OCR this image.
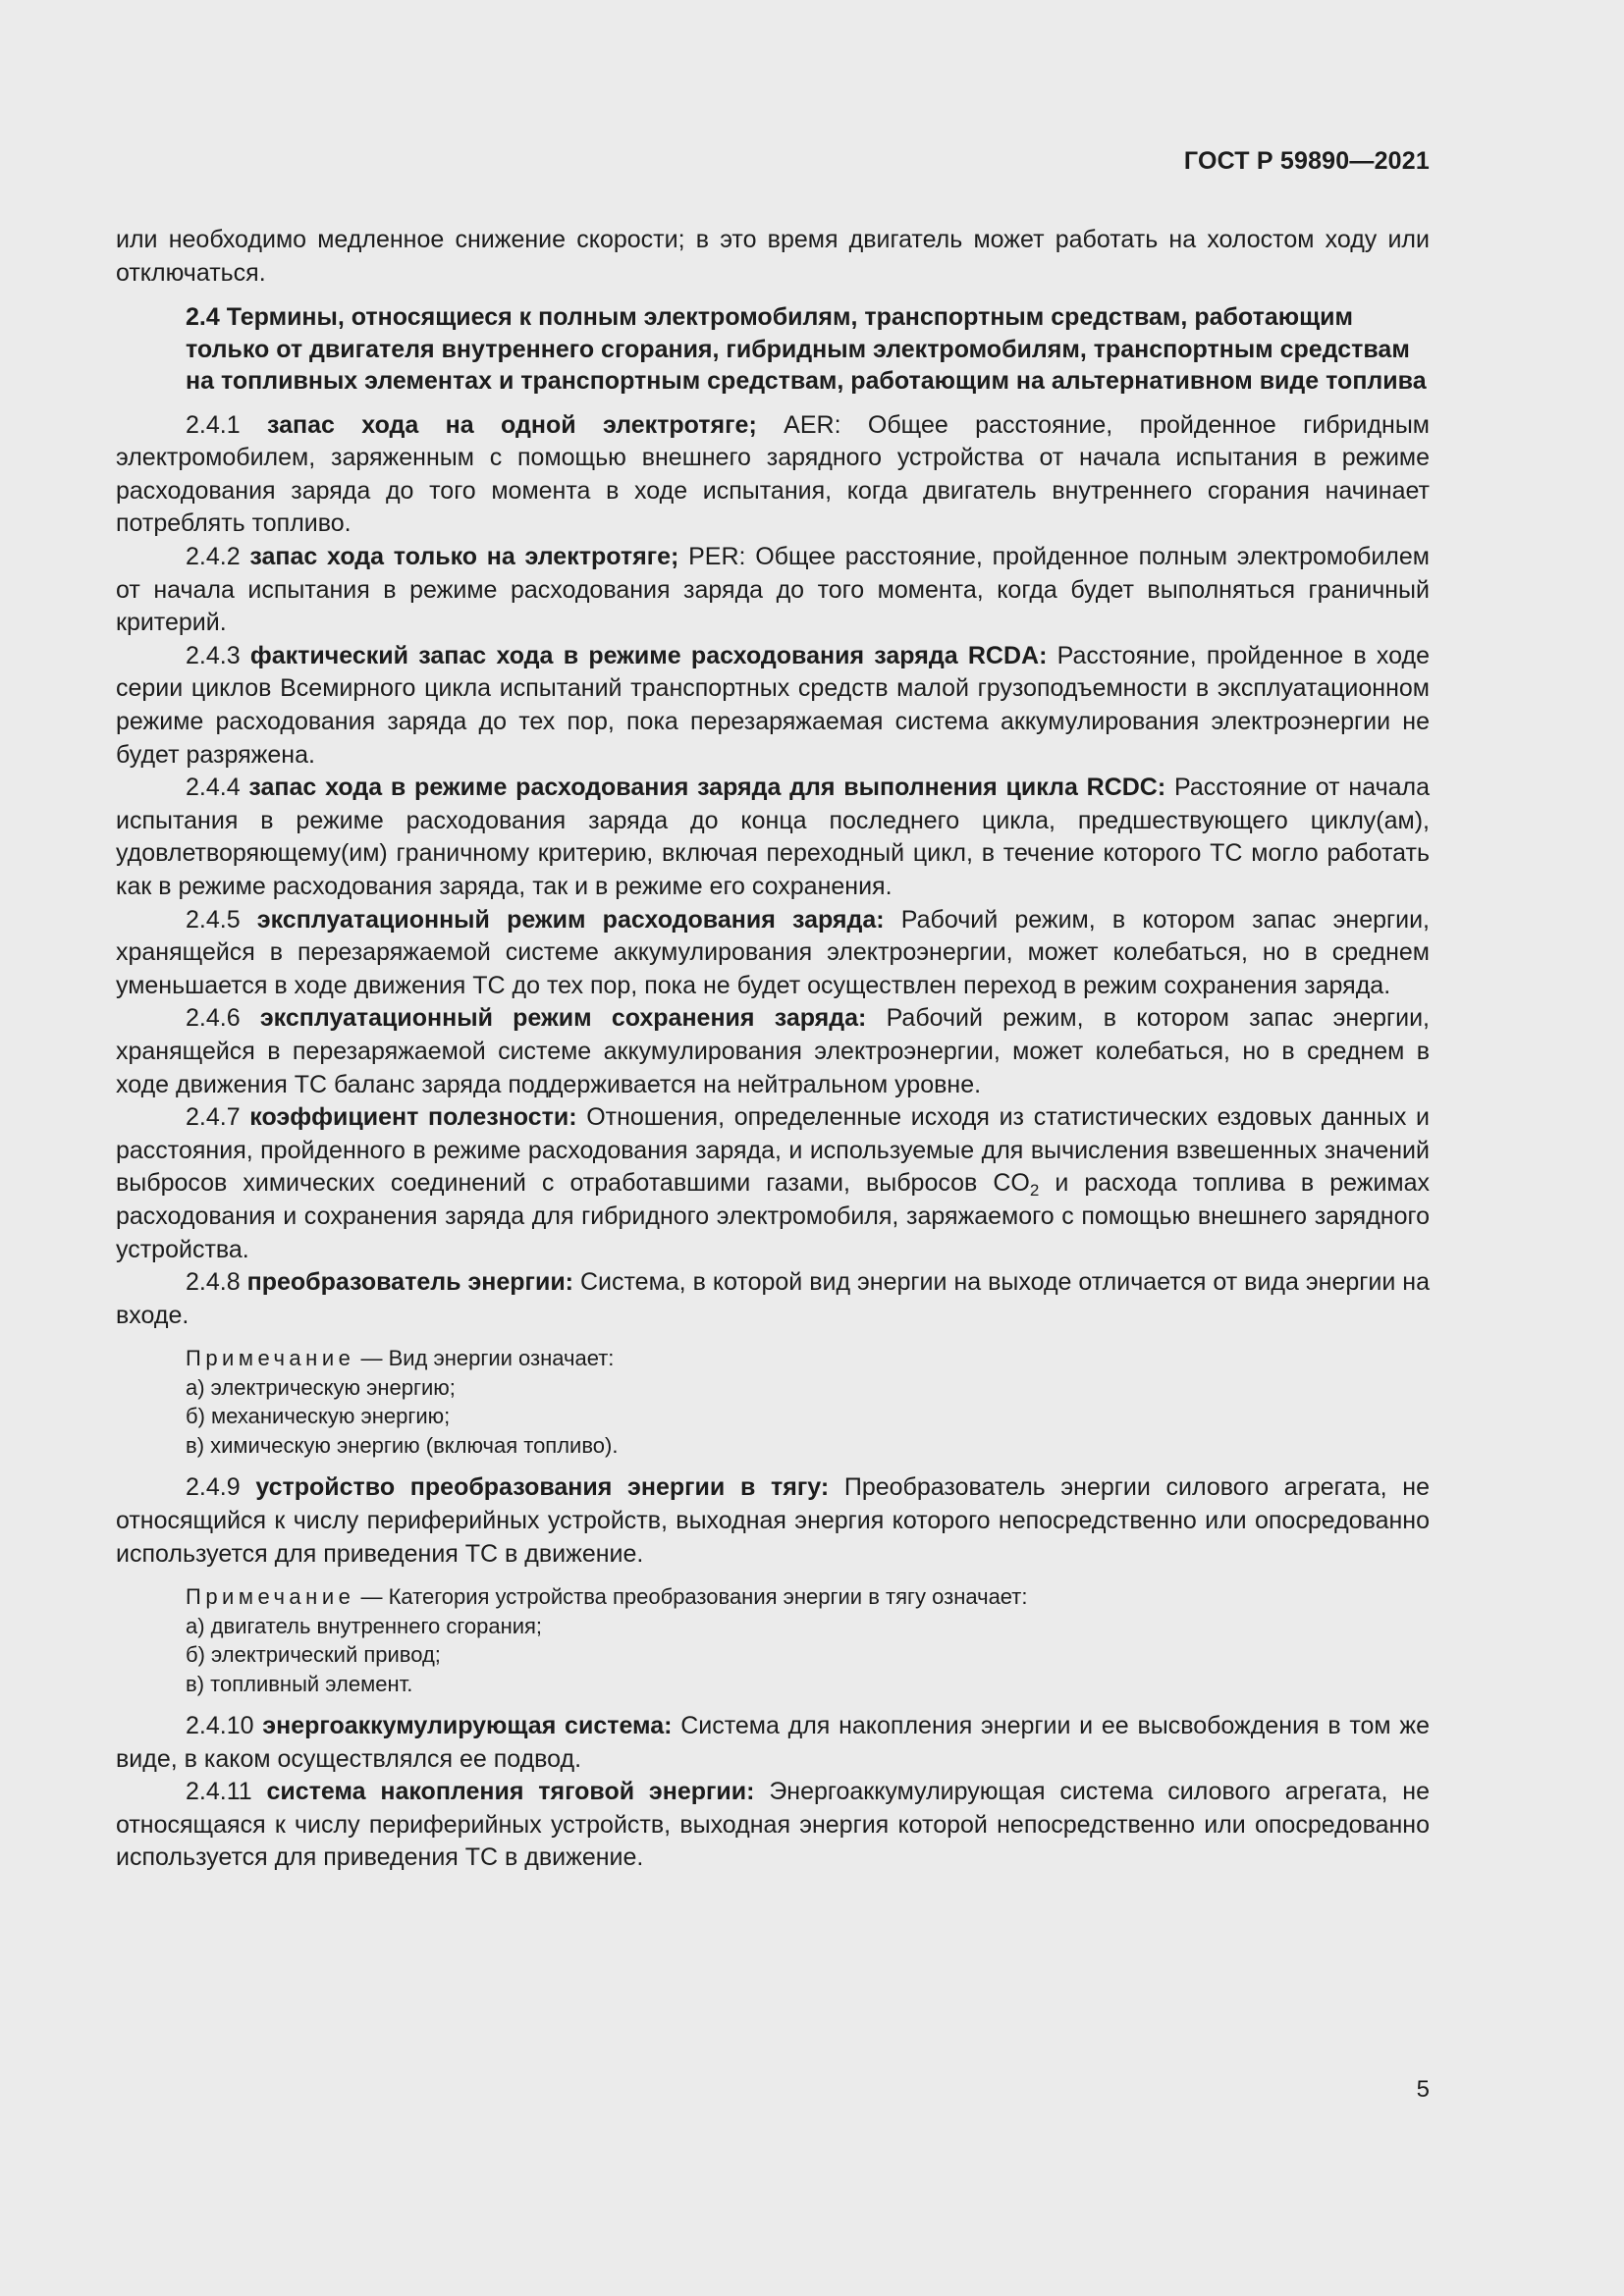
ГОСТ Р 59890—2021

или необходимо медленное снижение скорости; в это время двигатель может работать на холостом ходу или отключаться.

2.4 Термины, относящиеся к полным электромобилям, транспортным средствам, работающим только от двигателя внутреннего сгорания, гибридным электромобилям, транспортным средствам на топливных элементах и транспортным средствам, работающим на альтернативном виде топлива

2.4.1 запас хода на одной электротяге; AER: Общее расстояние, пройденное гибридным электромобилем, заряженным с помощью внешнего зарядного устройства от начала испытания в режиме расходования заряда до того момента в ходе испытания, когда двигатель внутреннего сгорания начинает потреблять топливо.

2.4.2 запас хода только на электротяге; PER: Общее расстояние, пройденное полным электромобилем от начала испытания в режиме расходования заряда до того момента, когда будет выполняться граничный критерий.

2.4.3 фактический запас хода в режиме расходования заряда RCDA: Расстояние, пройденное в ходе серии циклов Всемирного цикла испытаний транспортных средств малой грузоподъемности в эксплуатационном режиме расходования заряда до тех пор, пока перезаряжаемая система аккумулирования электроэнергии не будет разряжена.

2.4.4 запас хода в режиме расходования заряда для выполнения цикла RCDC: Расстояние от начала испытания в режиме расходования заряда до конца последнего цикла, предшествующего циклу(ам), удовлетворяющему(им) граничному критерию, включая переходный цикл, в течение которого ТС могло работать как в режиме расходования заряда, так и в режиме его сохранения.

2.4.5 эксплуатационный режим расходования заряда: Рабочий режим, в котором запас энергии, хранящейся в перезаряжаемой системе аккумулирования электроэнергии, может колебаться, но в среднем уменьшается в ходе движения ТС до тех пор, пока не будет осуществлен переход в режим сохранения заряда.

2.4.6 эксплуатационный режим сохранения заряда: Рабочий режим, в котором запас энергии, хранящейся в перезаряжаемой системе аккумулирования электроэнергии, может колебаться, но в среднем в ходе движения ТС баланс заряда поддерживается на нейтральном уровне.

2.4.7 коэффициент полезности: Отношения, определенные исходя из статистических ездовых данных и расстояния, пройденного в режиме расходования заряда, и используемые для вычисления взвешенных значений выбросов химических соединений с отработавшими газами, выбросов $CO_2$ и расхода топлива в режимах расходования и сохранения заряда для гибридного электромобиля, заряжаемого с помощью внешнего зарядного устройства.

2.4.8 преобразователь энергии: Система, в которой вид энергии на выходе отличается от вида энергии на входе.

Примечание — Вид энергии означает:
а) электрическую энергию;
б) механическую энергию;
в) химическую энергию (включая топливо).

2.4.9 устройство преобразования энергии в тягу: Преобразователь энергии силового агрегата, не относящийся к числу периферийных устройств, выходная энергия которого непосредственно или опосредованно используется для приведения ТС в движение.

Примечание — Категория устройства преобразования энергии в тягу означает:
а) двигатель внутреннего сгорания;
б) электрический привод;
в) топливный элемент.

2.4.10 энергоаккумулирующая система: Система для накопления энергии и ее высвобождения в том же виде, в каком осуществлялся ее подвод.

2.4.11 система накопления тяговой энергии: Энергоаккумулирующая система силового агрегата, не относящаяся к числу периферийных устройств, выходная энергия которой непосредственно или опосредованно используется для приведения ТС в движение.

5
